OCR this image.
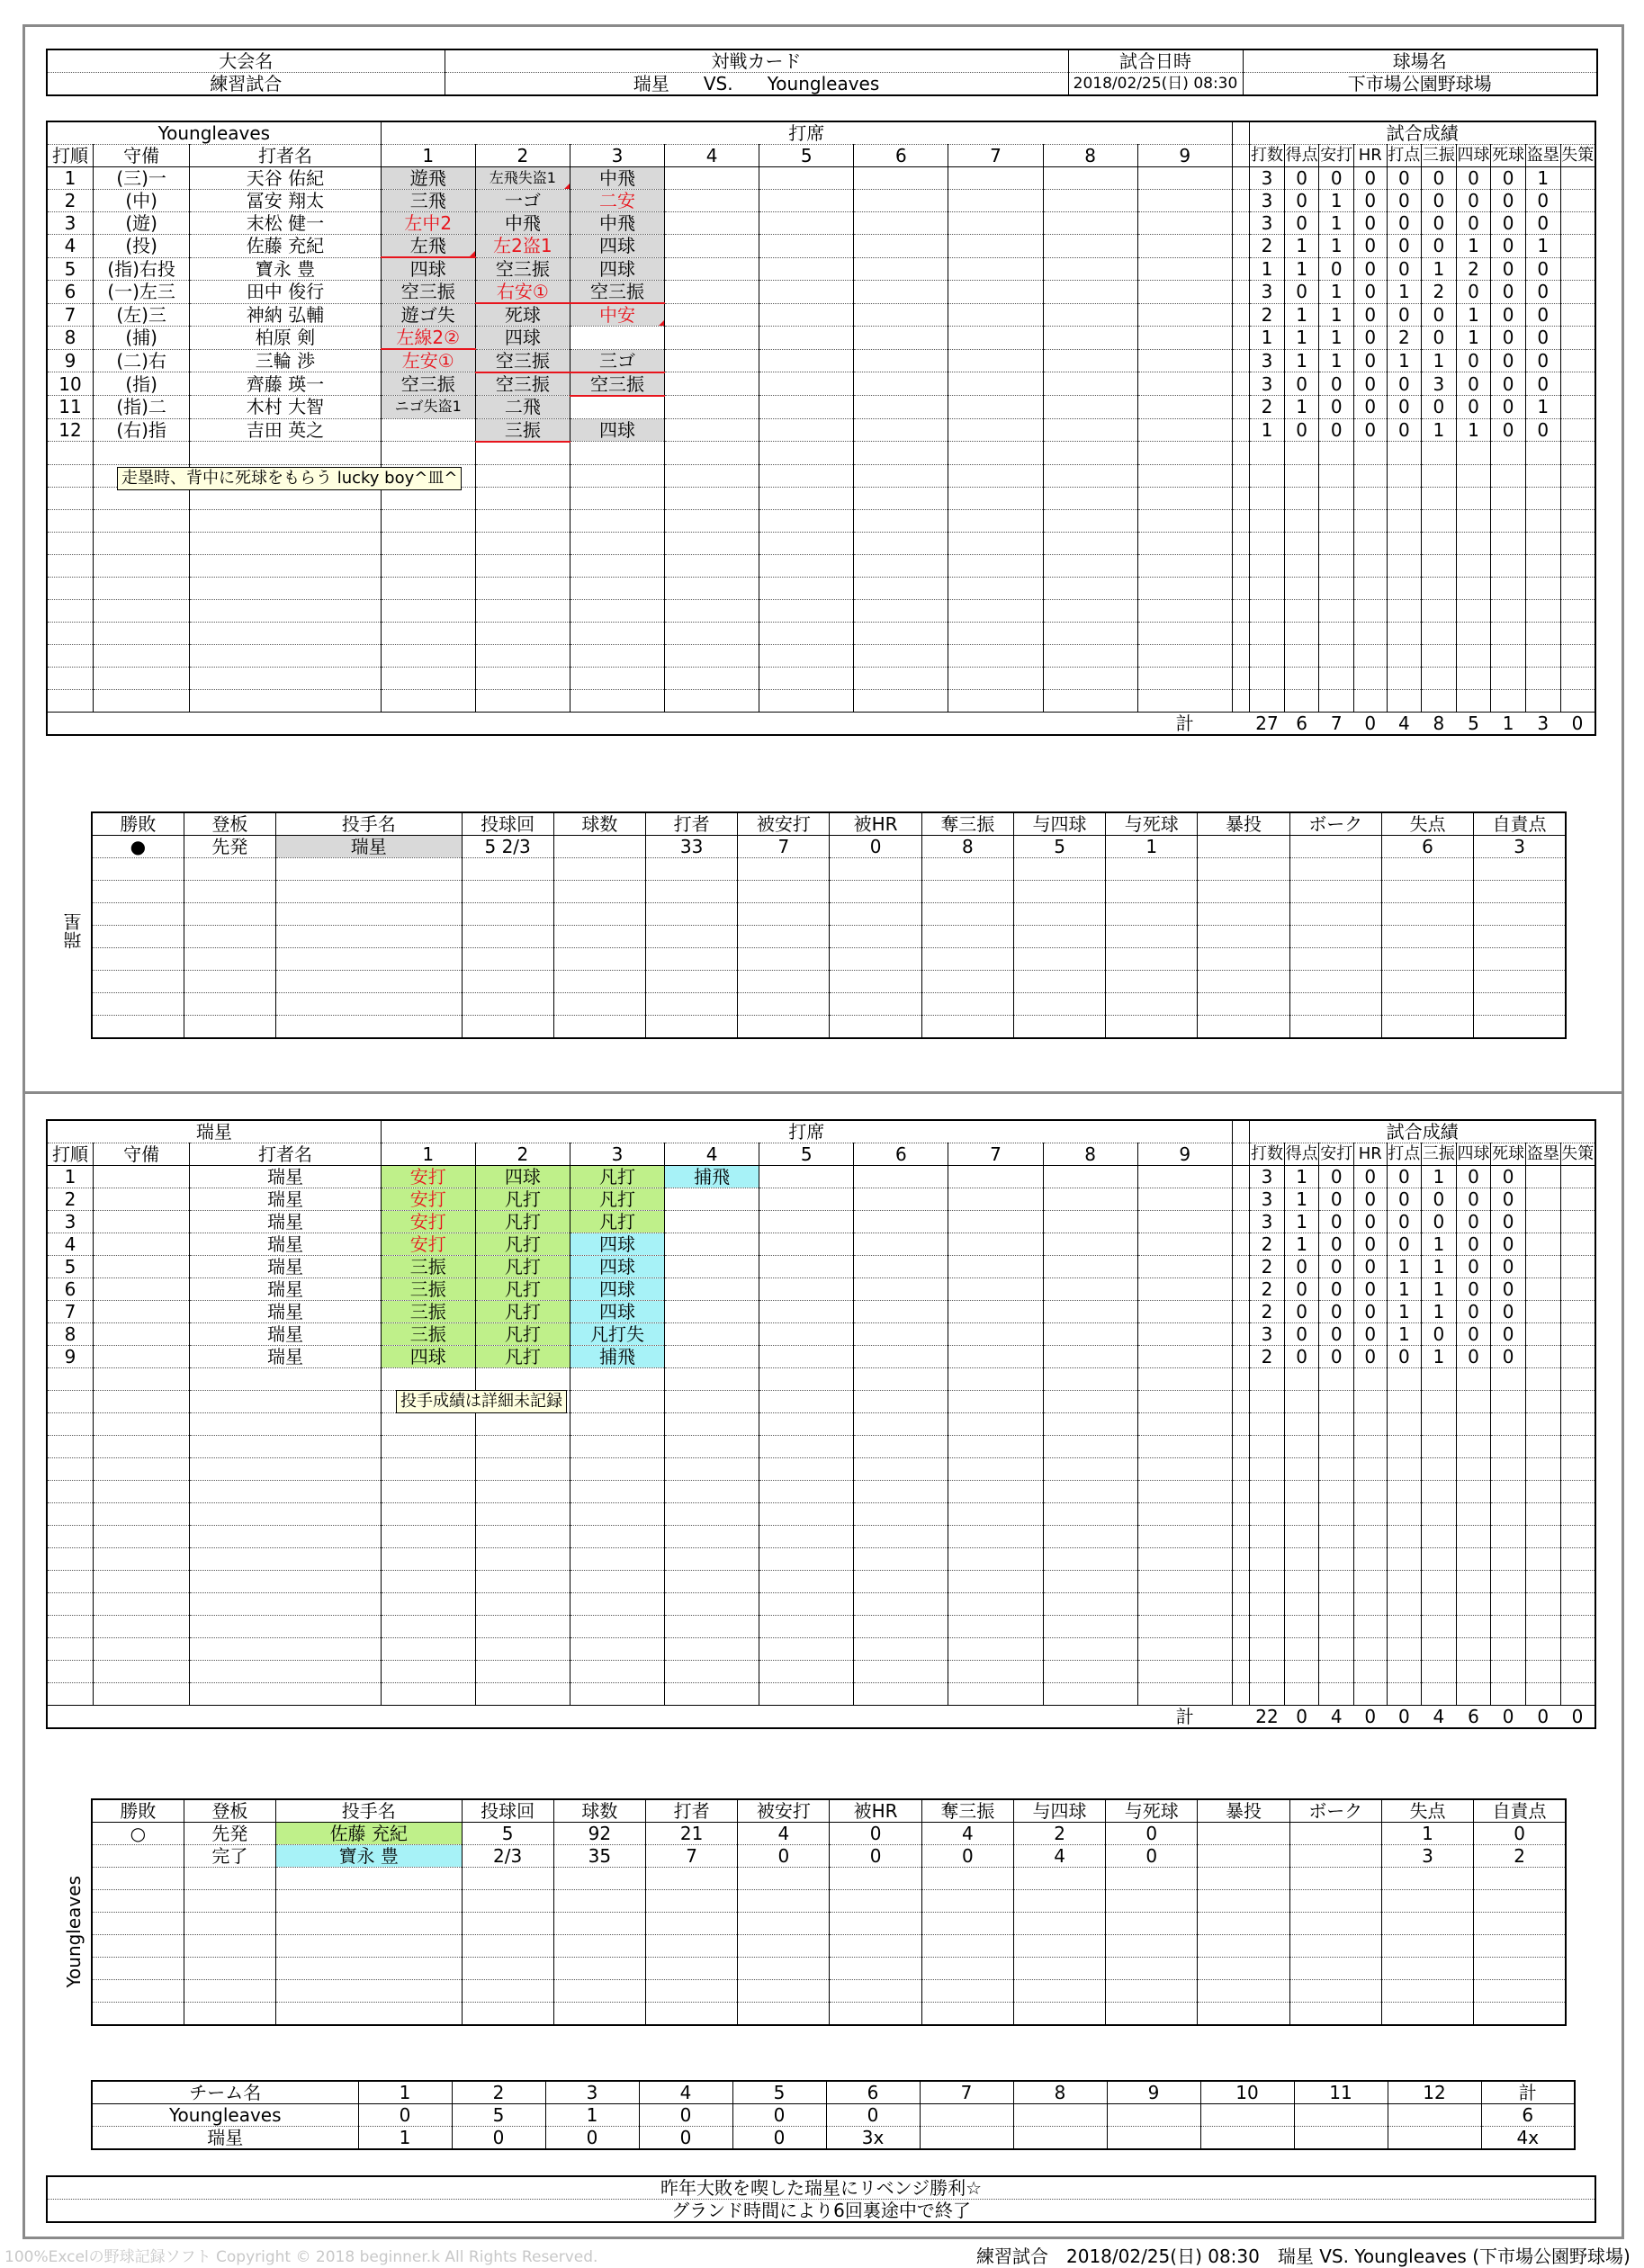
大会名	対戦カード	試合日時	球場名
練習試合	瑞星 VS. Youngleaves	2018/02/25(日) 08:30	下市場公園野球場
Youngleaves			打席										試合成績									
打順	守備	打者名	1	2	3	4	5	6	7	8	9		打数	得点	安打	HR	打点	三振	四球	死球	盗塁	失策
1	(三)一	天谷 佑紀	遊飛	左飛失盗1	中飛								3	0	0	0	0	0	0	0	1	
2	(中)	冨安 翔太	三飛	一ゴ	二安								3	0	1	0	0	0	0	0	0	
3	(遊)	末松 健一	左中2	中飛	中飛								3	0	1	0	0	0	0	0	0	
4	(投)	佐藤 充紀	左飛	左2盗1	四球								2	1	1	0	0	0	1	0	1	
5	(指)右投	寶永 豊	四球	空三振	四球								1	1	0	0	0	1	2	0	0	
6	(一)左三	田中 俊行	空三振	右安①	空三振								3	0	1	0	1	2	0	0	0	
7	(左)三	神納 弘輔	遊ゴ失	死球	中安								2	1	1	0	0	0	1	0	0	
8	(捕)	柏原 剣	左線2②	四球									1	1	1	0	2	0	1	0	0	
9	(二)右	三輪 渉	左安①	空三振	三ゴ								3	1	1	0	1	1	0	0	0	
10	(指)	齊藤 瑛一	空三振	空三振	空三振								3	0	0	0	0	3	0	0	0	
11	(指)二	木村 大智	ニゴ失盗1	二飛									2	1	0	0	0	0	0	0	1	
12	(右)指	吉田 英之		三振	四球								1	0	0	0	0	1	1	0	0	

											計		27	6	7	0	4	8	5	1	3	0
走塁時、背中に死球をもらう lucky boy^皿^
瑞星
勝敗	登板	投手名	投球回	球数	打者	被安打	被HR	奪三振	与四球	与死球	暴投	ボーク	失点	自責点
●	先発	瑞星	5 2/3		33	7	0	8	5	1			6	3

瑞星			打席										試合成績									
打順	守備	打者名	1	2	3	4	5	6	7	8	9		打数	得点	安打	HR	打点	三振	四球	死球	盗塁	失策
1		瑞星	安打	四球	凡打	捕飛							3	1	0	0	0	1	0	0		
2		瑞星	安打	凡打	凡打								3	1	0	0	0	0	0	0		
3		瑞星	安打	凡打	凡打								3	1	0	0	0	0	0	0		
4		瑞星	安打	凡打	四球								2	1	0	0	0	1	0	0		
5		瑞星	三振	凡打	四球								2	0	0	0	1	1	0	0		
6		瑞星	三振	凡打	四球								2	0	0	0	1	1	0	0		
7		瑞星	三振	凡打	四球								2	0	0	0	1	1	0	0		
8		瑞星	三振	凡打	凡打失								3	0	0	0	1	0	0	0		
9		瑞星	四球	凡打	捕飛								2	0	0	0	0	1	0	0		

											計		22	0	4	0	0	4	6	0	0	0
投手成績は詳細未記録
Youngleaves
勝敗	登板	投手名	投球回	球数	打者	被安打	被HR	奪三振	与四球	与死球	暴投	ボーク	失点	自責点
○	先発	佐藤 充紀	5	92	21	4	0	4	2	0			1	0
	完了	寶永 豊	2/3	35	7	0	0	0	4	0			3	2

チーム名	1	2	3	4	5	6	7	8	9	10	11	12	計
Youngleaves	0	5	1	0	0	0							6
瑞星	1	0	0	0	0	3x							4x
昨年大敗を喫した瑞星にリベンジ勝利☆
グランド時間により6回裏途中で終了
100%Excelの野球記録ソフト Copyright © 2018 beginner.k All Rights Reserved.	練習試合　2018/02/25(日) 08:30　瑞星 VS. Youngleaves (下市場公園野球場)
